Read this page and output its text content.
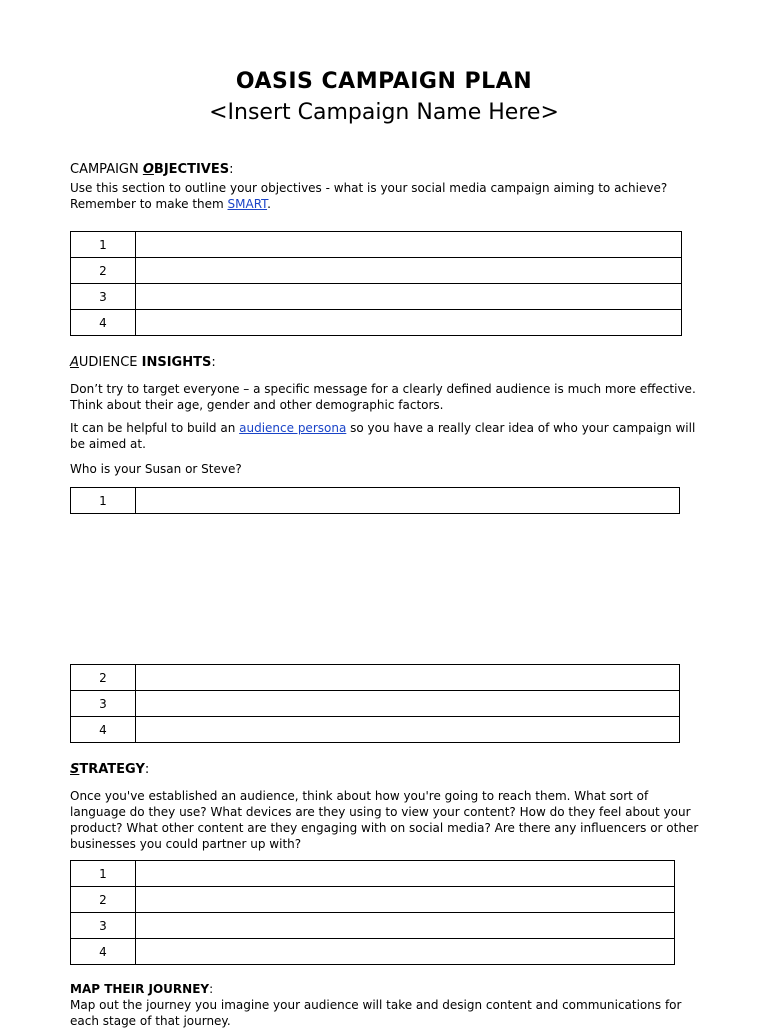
OASIS CAMPAIGN PLAN
<Insert Campaign Name Here>
CAMPAIGN OBJECTIVES:
Use this section to outline your objectives - what is your social media campaign aiming to achieve?
Remember to make them SMART.
1	
2	
3	
4	
AUDIENCE INSIGHTS:
Don’t try to target everyone – a specific message for a clearly defined audience is much more effective. Think about their age, gender and other demographic factors.
It can be helpful to build an audience persona so you have a really clear idea of who your campaign will be aimed at.
Who is your Susan or Steve?
1	
2	
3	
4	
STRATEGY:
Once you've established an audience, think about how you're going to reach them. What sort of language do they use? What devices are they using to view your content? How do they feel about your product? What other content are they engaging with on social media? Are there any influencers or other businesses you could partner up with?
1	
2	
3	
4	
MAP THEIR JOURNEY:
Map out the journey you imagine your audience will take and design content and communications for each stage of that journey.
